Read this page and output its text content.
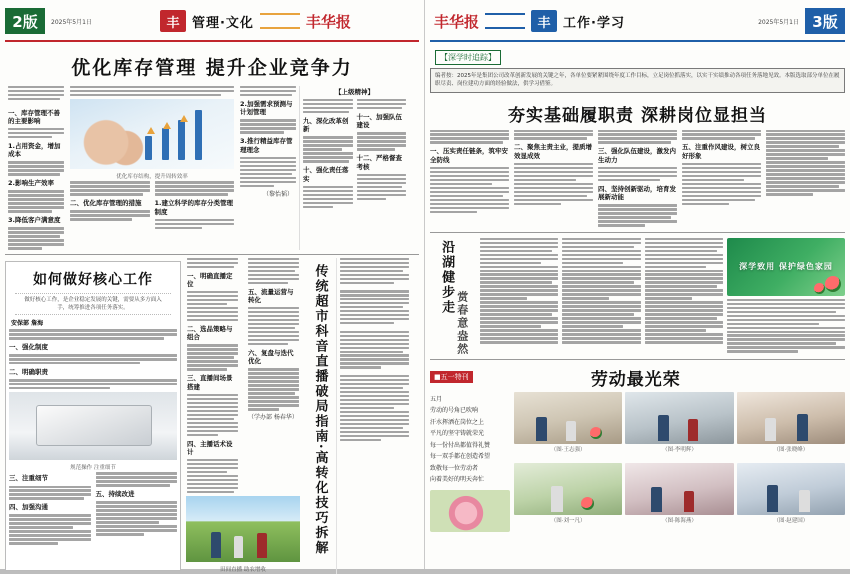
2版	2025年5月1日	丰 管理·文化	丰华报
优化库存管理 提升企业竞争力
一、库存管理不善的主要影响
1.占用资金，增加成本
2.影响生产效率
3.降低客户满意度
优化库存结构，提升周转效率
二、优化库存管理的措施	1.建立科学的库存分类管理制度
2.加强需求预测与计划管理
3.推行精益库存管理理念
（黎怡韬）
【上级精神】
九、深化改革创新
十、强化责任落实
十一、加强队伍建设
十二、严格督查考核
如何做好核心工作
做好核心工作，是企业稳定发展的关键，需要从多方面入手，统筹推进各项任务落实。
安保部 詹海
一、强化制度
二、明确职责
规范操作 注重细节
三、注重细节
四、加强沟通
五、持续改进
一、明确直播定位
二、选品策略与组合
三、直播间场景搭建
四、主播话术设计
五、流量运营与转化
六、复盘与迭代优化
（学办部 杨春华）
田间直播 助农增收
传统超市科音直播破局指南·高转化技巧拆解
丰华报	丰 工作·学习	2025年5月1日 3版
【深学时追踪】
编者按：2025年是集团公司改革创新发展的关键之年，各单位要紧紧围绕年度工作目标，立足岗位抓落实，以实干实绩推动各项任务落地见效。本版选取部分单位在履职尽责、岗位建功方面的经验做法，供学习借鉴。
夯实基础履职责 深耕岗位显担当
一、压实责任链条，筑牢安全防线
二、聚焦主责主业，提质增效显成效
三、强化队伍建设，激发内生动力
四、坚持创新驱动，培育发展新动能
五、注重作风建设，树立良好形象
沿湖健步走
赏春意盎然
深学致用 保护绿色家园
■五一特刊	劳动最光荣
五月
劳动的号角已吹响
汗水挥洒在岗位之上
平凡的坚守铸就荣光
每一份付出都值得礼赞
每一双手都在创造希望
致敬每一位劳动者
向着美好的明天奔忙
（图·王志强）	（图·李明辉）	（图·张晓峰）
（图·刘一凡）	（图·陈海燕）	（图·赵建国）
